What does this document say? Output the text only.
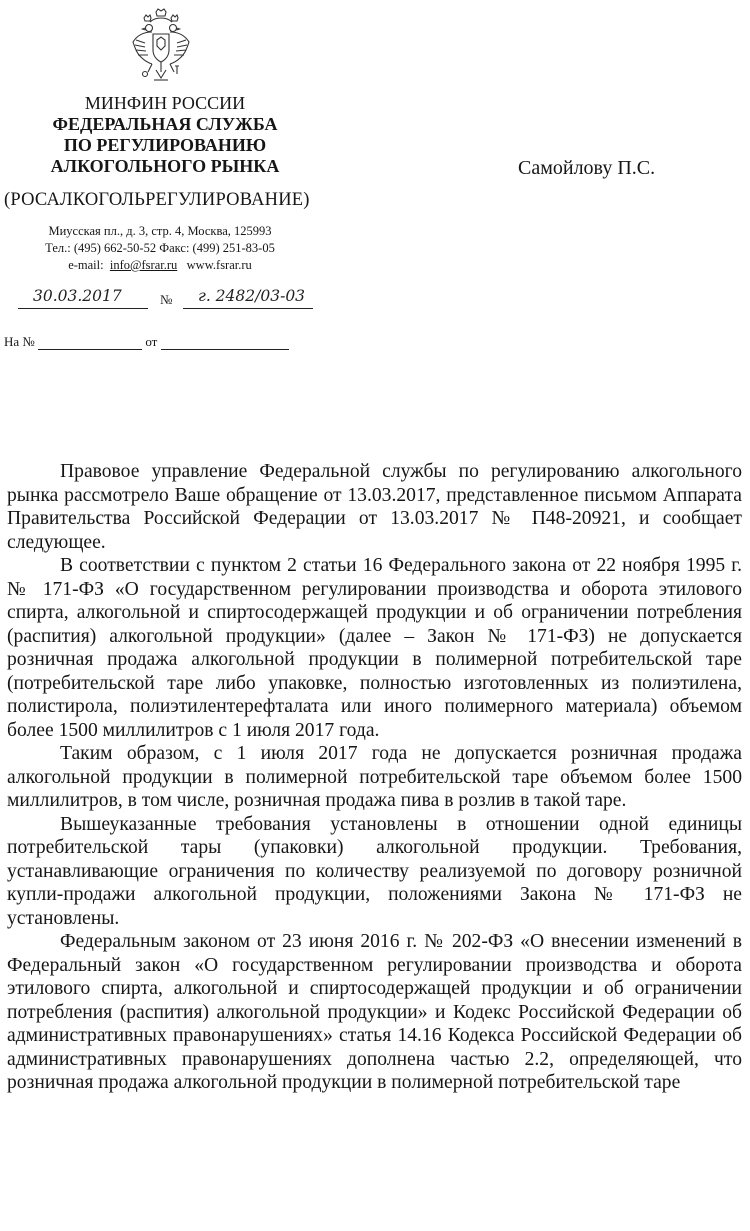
МИНФИН РОССИИ
ФЕДЕРАЛЬНАЯ СЛУЖБА
ПО РЕГУЛИРОВАНИЮ
АЛКОГОЛЬНОГО РЫНКА
(РОСАЛКОГОЛЬРЕГУЛИРОВАНИЕ)
Миусская пл., д. 3, стр. 4, Москва, 125993
Тел.: (495) 662-50-52 Факс: (499) 251-83-05
e-mail: info@fsrar.ru www.fsrar.ru
30.03.2017	№ г. 2482/03-03
На №	от
Самойлову П.С.

Правовое управление Федеральной службы по регулированию алкогольного рынка рассмотрело Ваше обращение от 13.03.2017, представленное письмом Аппарата Правительства Российской Федерации от 13.03.2017 № П48-20921, и сообщает следующее.

В соответствии с пунктом 2 статьи 16 Федерального закона от 22 ноября 1995 г. № 171-ФЗ «О государственном регулировании производства и оборота этилового спирта, алкогольной и спиртосодержащей продукции и об ограничении потребления (распития) алкогольной продукции» (далее – Закон № 171-ФЗ) не допускается розничная продажа алкогольной продукции в полимерной потребительской таре (потребительской таре либо упаковке, полностью изготовленных из полиэтилена, полистирола, полиэтилентерефталата или иного полимерного материала) объемом более 1500 миллилитров с 1 июля 2017 года.

Таким образом, с 1 июля 2017 года не допускается розничная продажа алкогольной продукции в полимерной потребительской таре объемом более 1500 миллилитров, в том числе, розничная продажа пива в розлив в такой таре.

Вышеуказанные требования установлены в отношении одной единицы потребительской тары (упаковки) алкогольной продукции. Требования, устанавливающие ограничения по количеству реализуемой по договору розничной купли-продажи алкогольной продукции, положениями Закона № 171-ФЗ не установлены.

Федеральным законом от 23 июня 2016 г. № 202-ФЗ «О внесении изменений в Федеральный закон «О государственном регулировании производства и оборота этилового спирта, алкогольной и спиртосодержащей продукции и об ограничении потребления (распития) алкогольной продукции» и Кодекс Российской Федерации об административных правонарушениях» статья 14.16 Кодекса Российской Федерации об административных правонарушениях дополнена частью 2.2, определяющей, что розничная продажа алкогольной продукции в полимерной потребительской таре
